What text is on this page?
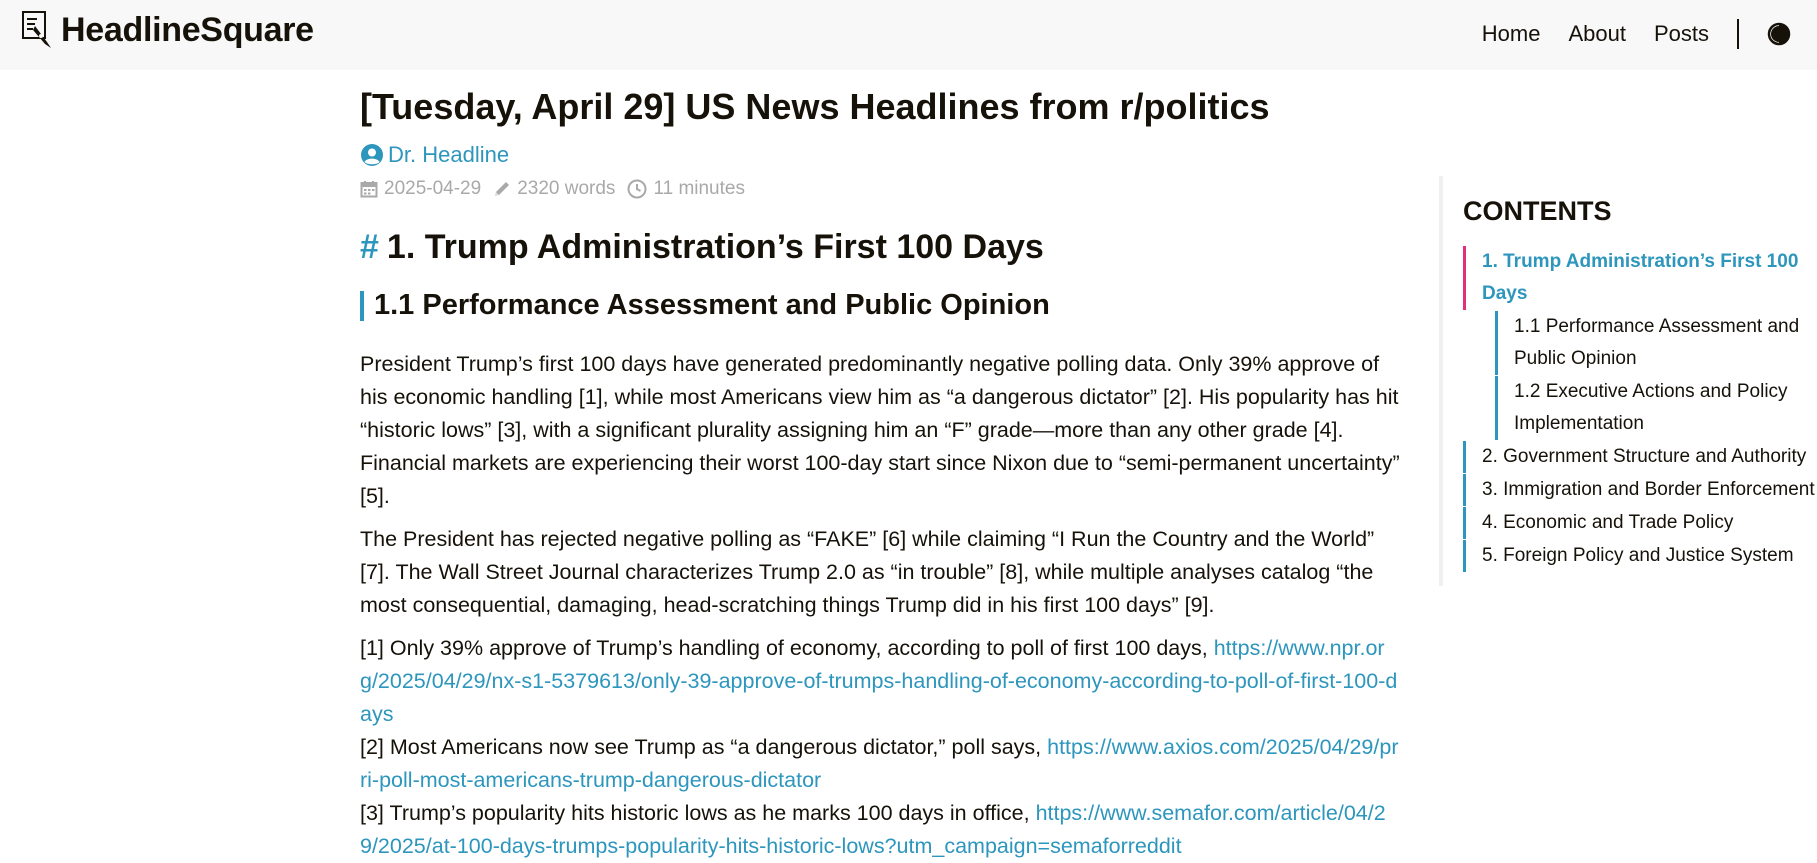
HeadlineSquare	Home About Posts
[Tuesday, April 29] US News Headlines from r/politics
Dr. Headline
2025-04-29 2320 words 11 minutes
# 1. Trump Administration’s First 100 Days
1.1 Performance Assessment and Public Opinion

President Trump’s first 100 days have generated predominantly negative polling data. Only 39% approve of his economic handling [1], while most Americans view him as “a dangerous dictator” [2]. His popularity has hit “historic lows” [3], with a significant plurality assigning him an “F” grade—more than any other grade [4]. Financial markets are experiencing their worst 100-day start since Nixon due to “semi-permanent uncertainty” [5].

The President has rejected negative polling as “FAKE” [6] while claiming “I Run the Country and the World” [7]. The Wall Street Journal characterizes Trump 2.0 as “in trouble” [8], while multiple analyses catalog “the most consequential, damaging, head-scratching things Trump did in his first 100 days” [9].

[1] Only 39% approve of Trump’s handling of economy, according to poll of first 100 days, https://www.npr.org/2025/04/29/nx-s1-5379613/only-39-approve-of-trumps-handling-of-economy-according-to-poll-of-first-100-days
[2] Most Americans now see Trump as “a dangerous dictator,” poll says, https://www.axios.com/2025/04/29/prri-poll-most-americans-trump-dangerous-dictator
[3] Trump’s popularity hits historic lows as he marks 100 days in office, https://www.semafor.com/article/04/29/2025/at-100-days-trumps-popularity-hits-historic-lows?utm_campaign=semaforreddit
CONTENTS
1. Trump Administration’s First 100 Days
1.1 Performance Assessment and Public Opinion
1.2 Executive Actions and Policy Implementation
2. Government Structure and Authority
3. Immigration and Border Enforcement
4. Economic and Trade Policy
5. Foreign Policy and Justice System
